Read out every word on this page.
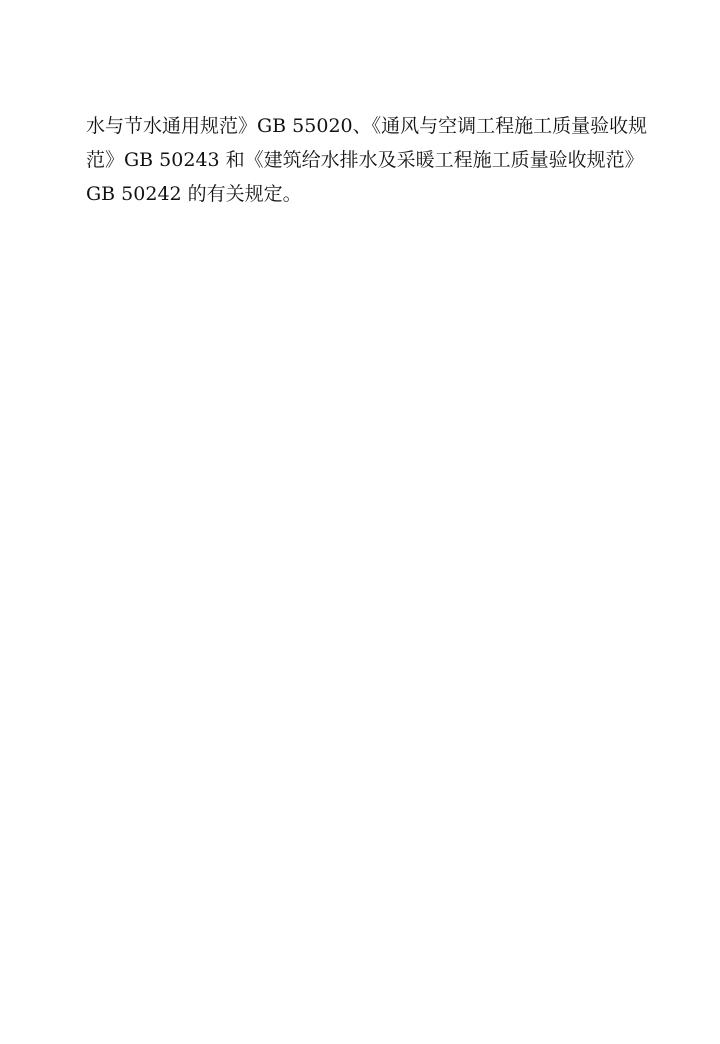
水与节水通用规范》GB 55020、《通风与空调工程施工质量验收规
范》GB 50243 和《建筑给水排水及采暖工程施工质量验收规范》
GB 50242 的有关规定。
